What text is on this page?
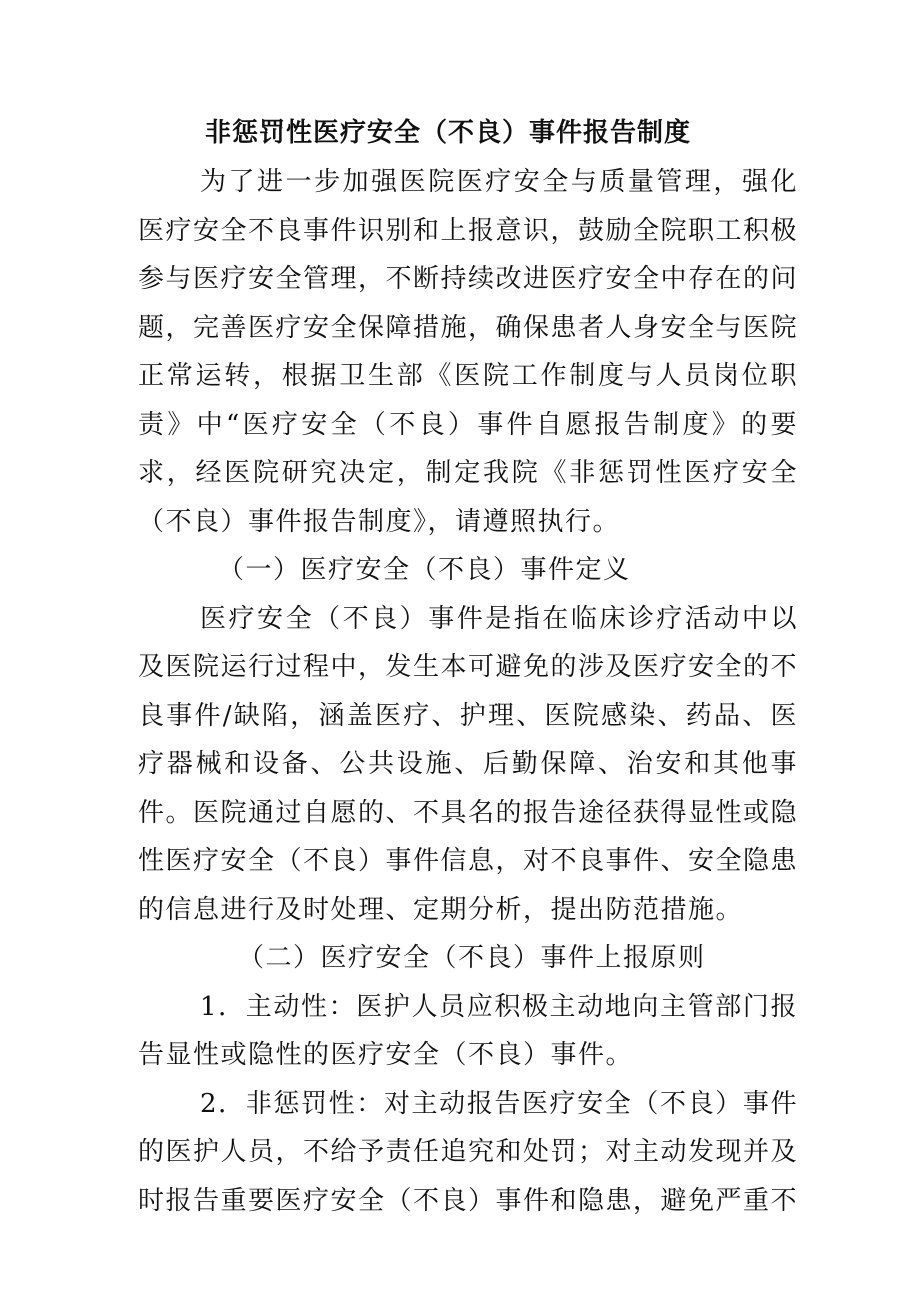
非惩罚性医疗安全（不良）事件报告制度

为了进一步加强医院医疗安全与质量管理，强化医疗安全不良事件识别和上报意识，鼓励全院职工积极参与医疗安全管理，不断持续改进医疗安全中存在的问题，完善医疗安全保障措施，确保患者人身安全与医院正常运转，根据卫生部《医院工作制度与人员岗位职责》中“医疗安全（不良）事件自愿报告制度》的要求，经医院研究决定，制定我院《非惩罚性医疗安全（不良）事件报告制度》，请遵照执行。

（一）医疗安全（不良）事件定义

医疗安全（不良）事件是指在临床诊疗活动中以及医院运行过程中，发生本可避免的涉及医疗安全的不良事件/缺陷，涵盖医疗、护理、医院感染、药品、医疗器械和设备、公共设施、后勤保障、治安和其他事件。医院通过自愿的、不具名的报告途径获得显性或隐性医疗安全（不良）事件信息，对不良事件、安全隐患的信息进行及时处理、定期分析，提出防范措施。

（二）医疗安全（不良）事件上报原则

1．主动性：医护人员应积极主动地向主管部门报告显性或隐性的医疗安全（不良）事件。

2．非惩罚性：对主动报告医疗安全（不良）事件的医护人员，不给予责任追究和处罚；对主动发现并及时报告重要医疗安全（不良）事件和隐患，避免严重不
